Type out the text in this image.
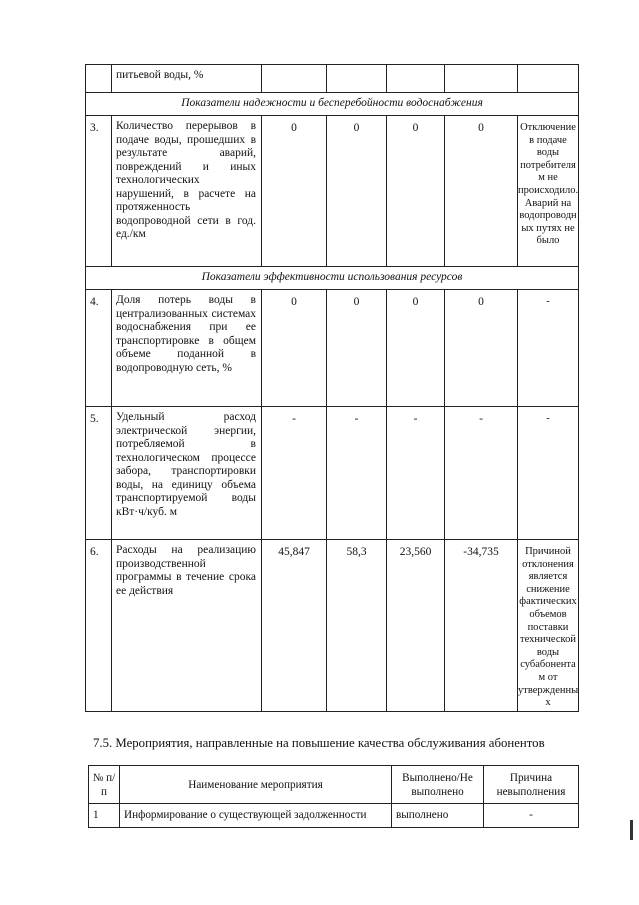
	питьевой воды, %					
Показатели надежности и бесперебойности водоснабжения						
3.	Количество перерывов в подаче воды, прошедших в результате аварий, повреждений и иных технологических нарушений, в расчете на протяженность водопроводной сети в год. ед./км	0	0	0	0	Отключение в подаче воды потребителя м не происходило. Аварий на водопроводн ых путях не было
Показатели эффективности использования ресурсов						
4.	Доля потерь воды в централизованных системах водоснабжения при ее транспортировке в общем объеме поданной в водопроводную сеть, %	0	0	0	0	-
5.	Удельный расход электрической энергии, потребляемой в технологическом процессе забора, транспортировки воды, на единицу объема транспортируемой воды кВт·ч/куб. м	-	-	-	-	-
6.	Расходы на реализацию производственной программы в течение срока ее действия	45,847	58,3	23,560	-34,735	Причиной отклонения является снижение фактических объемов поставки технической воды субабонента м от утвержденны х
7.5. Мероприятия, направленные на повышение качества обслуживания абонентов
№ п/п	Наименование мероприятия	Выполнено/Не выполнено	Причина невыполнения
1	Информирование о существующей задолженности	выполнено	-
